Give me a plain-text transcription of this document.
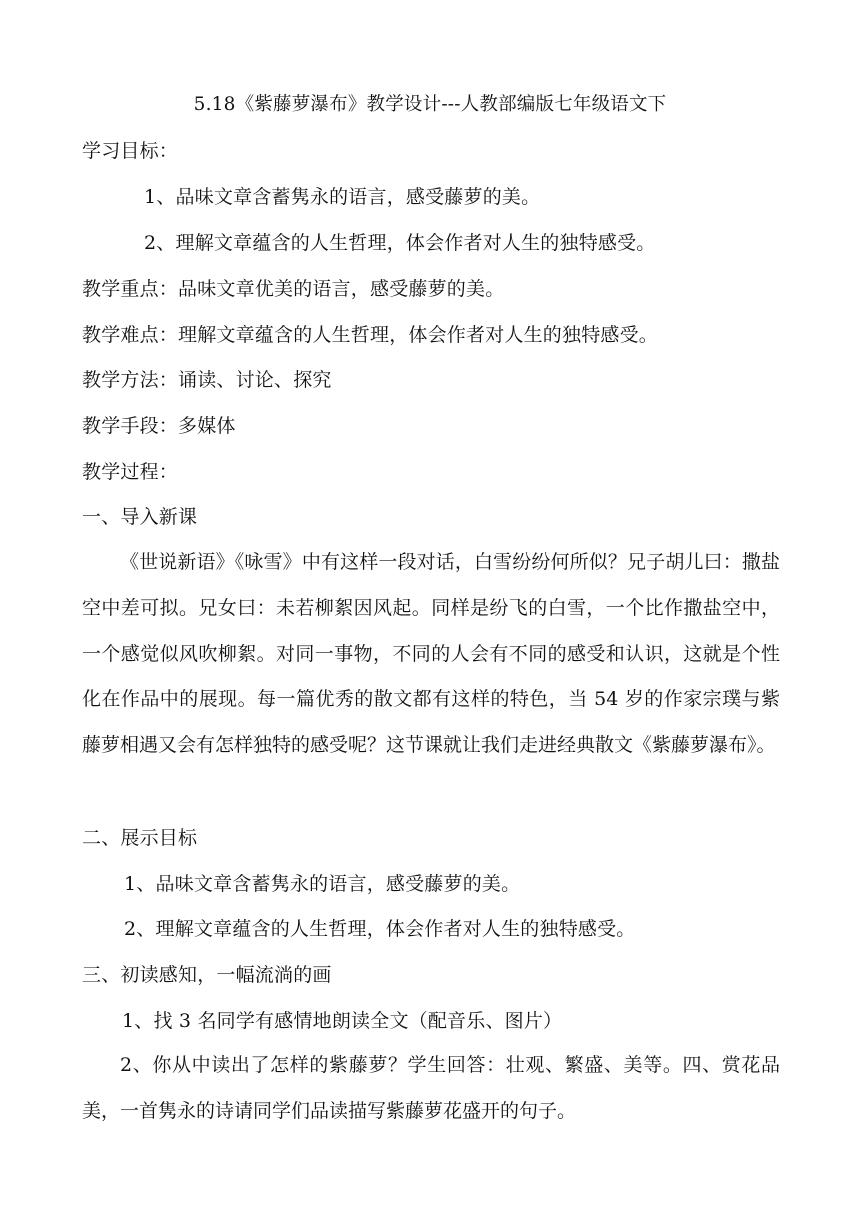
5.18《紫藤萝瀑布》教学设计---人教部编版七年级语文下
学习目标：
1、品味文章含蓄隽永的语言，感受藤萝的美。
2、理解文章蕴含的人生哲理，体会作者对人生的独特感受。
教学重点：品味文章优美的语言，感受藤萝的美。
教学难点：理解文章蕴含的人生哲理，体会作者对人生的独特感受。
教学方法：诵读、讨论、探究
教学手段：多媒体
教学过程：
一、导入新课
《世说新语》《咏雪》中有这样一段对话，白雪纷纷何所似？兄子胡儿曰：撒盐空中差可拟。兄女曰：未若柳絮因风起。同样是纷飞的白雪，一个比作撒盐空中，一个感觉似风吹柳絮。对同一事物，不同的人会有不同的感受和认识，这就是个性化在作品中的展现。每一篇优秀的散文都有这样的特色，当 54 岁的作家宗璞与紫藤萝相遇又会有怎样独特的感受呢？这节课就让我们走进经典散文《紫藤萝瀑布》。
二、展示目标
1、品味文章含蓄隽永的语言，感受藤萝的美。
2、理解文章蕴含的人生哲理，体会作者对人生的独特感受。
三、初读感知，一幅流淌的画
1、找 3 名同学有感情地朗读全文（配音乐、图片）
2、你从中读出了怎样的紫藤萝？学生回答：壮观、繁盛、美等。四、赏花品美，一首隽永的诗请同学们品读描写紫藤萝花盛开的句子。
